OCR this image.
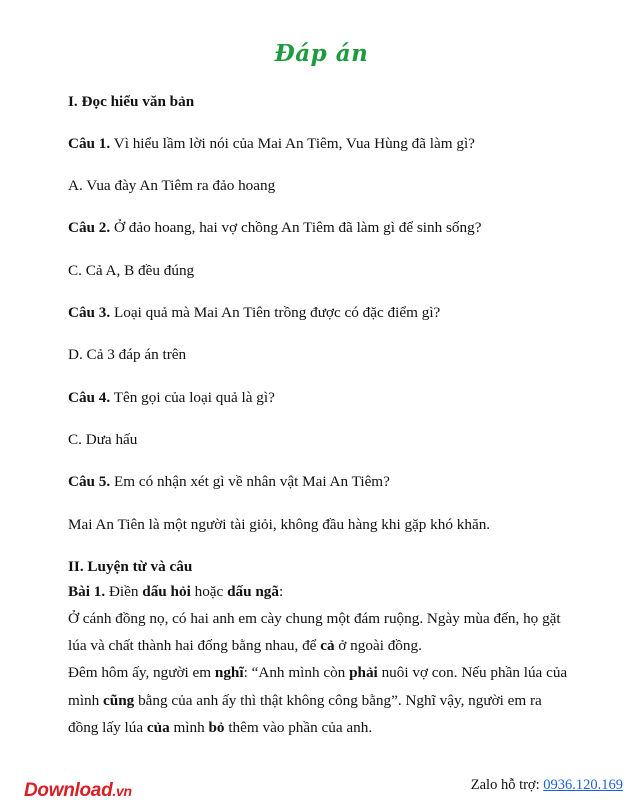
Đáp án
I. Đọc hiểu văn bản
Câu 1. Vì hiểu lầm lời nói của Mai An Tiêm, Vua Hùng đã làm gì?
A. Vua đày An Tiêm ra đảo hoang
Câu 2. Ở đảo hoang, hai vợ chồng An Tiêm đã làm gì để sinh sống?
C. Cả A, B đều đúng
Câu 3. Loại quả mà Mai An Tiên trồng được có đặc điểm gì?
D. Cả 3 đáp án trên
Câu 4. Tên gọi của loại quả là gì?
C. Dưa hấu
Câu 5. Em có nhận xét gì về nhân vật Mai An Tiêm?
Mai An Tiên là một người tài giỏi, không đầu hàng khi gặp khó khăn.
II. Luyện từ và câu
Bài 1. Điền dấu hỏi hoặc dấu ngã:
Ở cánh đồng nọ, có hai anh em cày chung một đám ruộng. Ngày mùa đến, họ gặt
lúa và chất thành hai đống bằng nhau, để cả ở ngoài đồng.
Đêm hôm ấy, người em nghĩ: “Anh mình còn phải nuôi vợ con. Nếu phần lúa của
mình cũng bằng của anh ấy thì thật không công bằng”. Nghĩ vậy, người em ra
đồng lấy lúa của mình bỏ thêm vào phần của anh.
Download.vn	Zalo hỗ trợ: 0936.120.169
